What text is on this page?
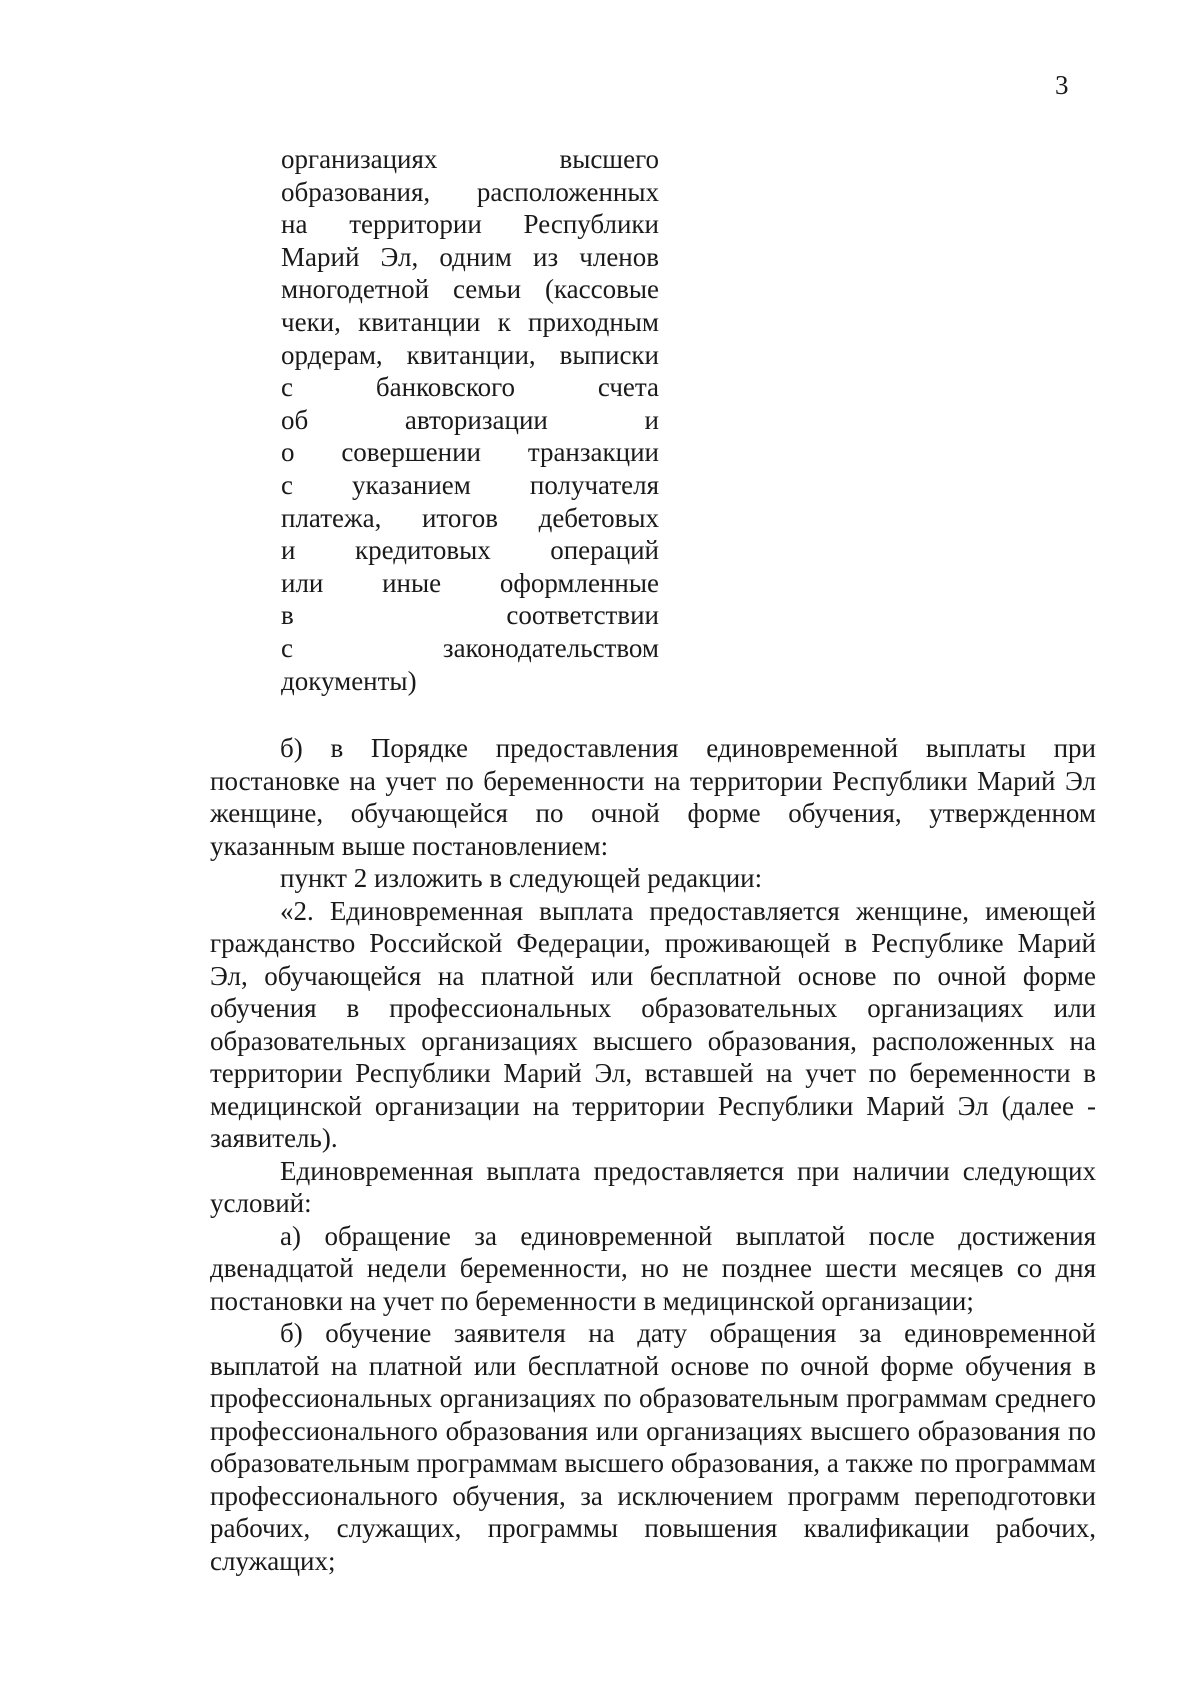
3
организациях высшего
образования, расположенных
на территории Республики
Марий Эл, одним из членов
многодетной семьи (кассовые
чеки, квитанции к приходным
ордерам, квитанции, выписки
с банковского счета
об авторизации и
о совершении транзакции
с указанием получателя
платежа, итогов дебетовых
и кредитовых операций
или иные оформленные
в соответствии
с законодательством
документы)

б) в Порядке предоставления единовременной выплаты при постановке на учет по беременности на территории Республики Марий Эл женщине, обучающейся по очной форме обучения, утвержденном указанным выше постановлением:

пункт 2 изложить в следующей редакции:

«2. Единовременная выплата предоставляется женщине, имеющей гражданство Российской Федерации, проживающей в Республике Марий Эл, обучающейся на платной или бесплатной основе по очной форме обучения в профессиональных образовательных организациях или образовательных организациях высшего образования, расположенных на территории Республики Марий Эл, вставшей на учет по беременности в медицинской организации на территории Республики Марий Эл (далее - заявитель).

Единовременная выплата предоставляется при наличии следующих условий:

а) обращение за единовременной выплатой после достижения двенадцатой недели беременности, но не позднее шести месяцев со дня постановки на учет по беременности в медицинской организации;

б) обучение заявителя на дату обращения за единовременной выплатой на платной или бесплатной основе по очной форме обучения в профессиональных организациях по образовательным программам среднего профессионального образования или организациях высшего образования по образовательным программам высшего образования, а также по программам профессионального обучения, за исключением программ переподготовки рабочих, служащих, программы повышения квалификации рабочих, служащих;
